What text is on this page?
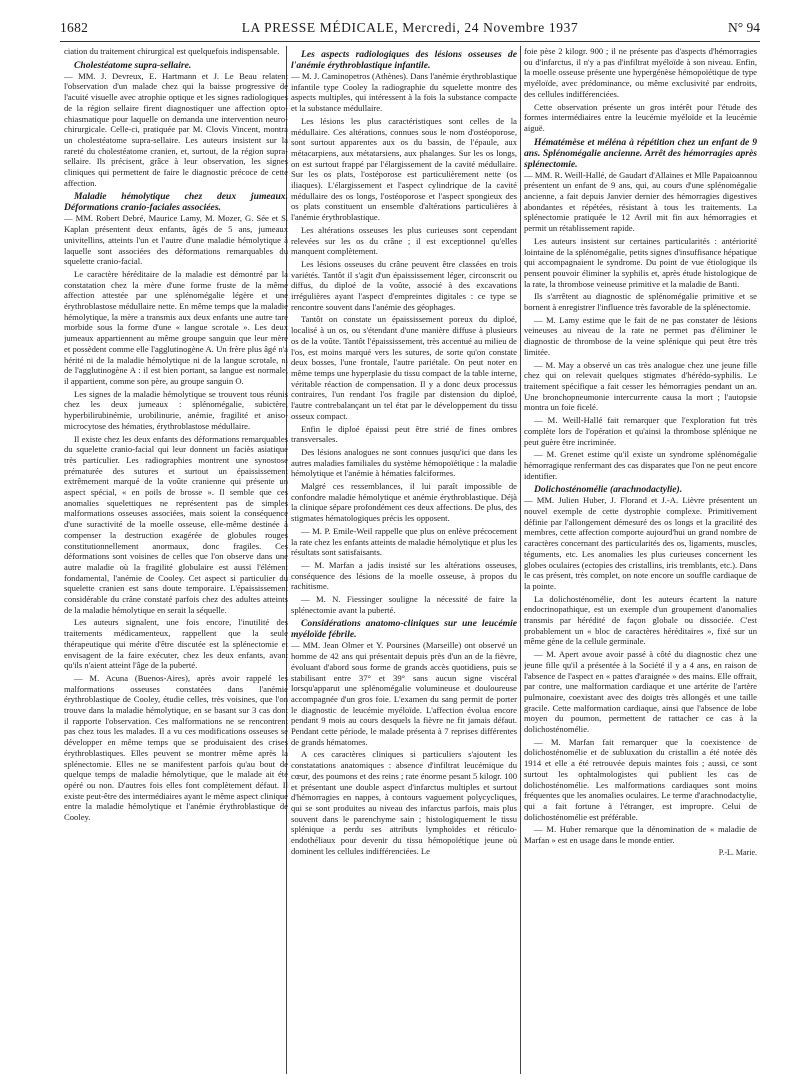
1682	LA PRESSE MÉDICALE, Mercredi, 24 Novembre 1937	N° 94

ciation du traitement chirurgical est quelquefois indispensable.

Cholestéatome supra-sellaire.

— MM. J. Devreux, E. Hartmann et J. Le Beau relatent l'observation d'un malade chez qui la baisse progressive de l'acuité visuelle avec atrophie optique et les signes radiologiques de la région sellaire firent diagnostiquer une affection opto-chiasmatique pour laquelle on demanda une intervention neuro-chirurgicale. Celle-ci, pratiquée par M. Clovis Vincent, montra un cholestéatome supra-sellaire. Les auteurs insistent sur la rareté du cholestéatome cranien, et, surtout, de la région supra-sellaire. Ils précisent, grâce à leur observation, les signes cliniques qui permettent de faire le diagnostic précoce de cette affection.

Maladie hémolytique chez deux jumeaux. Déformations cranio-faciales associées.

— MM. Robert Debré, Maurice Lamy, M. Mozer, G. Sée et S. Kaplan présentent deux enfants, âgés de 5 ans, jumeaux univitellins, atteints l'un et l'autre d'une maladie hémolytique à laquelle sont associées des déformations remarquables du squelette cranio-facial.

Le caractère héréditaire de la maladie est démontré par la constatation chez la mère d'une forme fruste de la même affection attestée par une splénomégalie légère et une érythroblastose médullaire nette. En même temps que la maladie hémolytique, la mère a transmis aux deux enfants une autre tare morbide sous la forme d'une « langue scrotale ». Les deux jumeaux appartiennent au même groupe sanguin que leur mère et possèdent comme elle l'agglutinogène A. Un frère plus âgé n'a hérité ni de la maladie hémolytique ni de la langue scrotale, ni de l'agglutinogène A : il est bien portant, sa langue est normale, il appartient, comme son père, au groupe sanguin O.

Les signes de la maladie hémolytique se trouvent tous réunis chez les deux jumeaux : splénomégalie, subictère, hyperbilirubinémie, urobilinurie, anémie, fragilité et aniso-microcytose des hématies, érythroblastose médullaire.

Il existe chez les deux enfants des déformations remarquables du squelette cranio-facial qui leur donnent un faciès asiatique très particulier. Les radiographies montrent une synostose prématurée des sutures et surtout un épaississement extrêmement marqué de la voûte cranienne qui présente un aspect spécial, « en poils de brosse ». Il semble que ces anomalies squelettiques ne représentent pas de simples malformations osseuses associées, mais soient la conséquence d'une suractivité de la moelle osseuse, elle-même destinée à compenser la destruction exagérée de globules rouges constitutionnellement anormaux, donc fragiles. Ces déformations sont voisines de celles que l'on observe dans une autre maladie où la fragilité globulaire est aussi l'élément fondamental, l'anémie de Cooley. Cet aspect si particulier du squelette cranien est sans doute temporaire. L'épaississement considérable du crâne constaté parfois chez des adultes atteints de la maladie hémolytique en serait la séquelle.

Les auteurs signalent, une fois encore, l'inutilité des traitements médicamenteux, rappellent que la seule thérapeutique qui mérite d'être discutée est la splénectomie et envisagent de la faire exécuter, chez les deux enfants, avant qu'ils n'aient atteint l'âge de la puberté.

— M. Acuna (Buenos-Aires), après avoir rappelé les malformations osseuses constatées dans l'anémie érythroblastique de Cooley, étudie celles, très voisines, que l'on trouve dans la maladie hémolytique, en se basant sur 3 cas dont il rapporte l'observation. Ces malformations ne se rencontrent pas chez tous les malades. Il a vu ces modifications osseuses se développer en même temps que se produisaient des crises érythroblastiques. Elles peuvent se montrer même après la splénectomie. Elles ne se manifestent parfois qu'au bout de quelque temps de maladie hémolytique, que le malade ait été opéré ou non. D'autres fois elles font complètement défaut. Il existe peut-être des intermédiaires ayant le même aspect clinique entre la maladie hémolytique et l'anémie érythroblastique de Cooley.

Les aspects radiologiques des lésions osseuses de l'anémie érythroblastique infantile.

— M. J. Caminopetros (Athènes). Dans l'anémie érythroblastique infantile type Cooley la radiographie du squelette montre des aspects multiples, qui intéressent à la fois la substance compacte et la substance médullaire.

Les lésions les plus caractéristiques sont celles de la médullaire. Ces altérations, connues sous le nom d'ostéoporose, sont surtout apparentes aux os du bassin, de l'épaule, aux métacarpiens, aux métatarsiens, aux phalanges. Sur les os longs, on est surtout frappé par l'élargissement de la cavité médullaire. Sur les os plats, l'ostéporose est particulièrement nette (os iliaques). L'élargissement et l'aspect cylindrique de la cavité médullaire des os longs, l'ostéoporose et l'aspect spongieux des os plats constituent un ensemble d'altérations particulières à l'anémie érythroblastique.

Les altérations osseuses les plus curieuses sont cependant relevées sur les os du crâne ; il est exceptionnel qu'elles manquent complètement.

Les lésions osseuses du crâne peuvent être classées en trois variétés. Tantôt il s'agit d'un épaississement léger, circonscrit ou diffus, du diploé de la voûte, associé à des excavations irrégulières ayant l'aspect d'empreintes digitales : ce type se rencontre souvent dans l'anémie des géophages.

Tantôt on constate un épaississement poreux du diploé, localisé à un os, ou s'étendant d'une manière diffuse à plusieurs os de la voûte. Tantôt l'épaississement, très accentué au milieu de l'os, est moins marqué vers les sutures, de sorte qu'on constate deux bosses, l'une frontale, l'autre pariétale. On peut noter en même temps une hyperplasie du tissu compact de la table interne, véritable réaction de compensation. Il y a donc deux processus contraires, l'un rendant l'os fragile par distension du diploé, l'autre contrebalançant un tel état par le développement du tissu osseux compact.

Enfin le diploé épaissi peut être strié de fines ombres transversales.

Des lésions analogues ne sont connues jusqu'ici que dans les autres maladies familiales du système hémopoïétique : la maladie hémolytique et l'anémie à hématies falciformes.

Malgré ces ressemblances, il lui paraît impossible de confondre maladie hémolytique et anémie érythroblastique. Déjà la clinique sépare profondément ces deux affections. De plus, des stigmates hématologiques précis les opposent.

— M. P. Emile-Weil rappelle que plus on enlève précocement la rate chez les enfants atteints de maladie hémolytique et plus les résultats sont satisfaisants.

— M. Marfan a jadis insisté sur les altérations osseuses, conséquence des lésions de la moelle osseuse, à propos du rachitisme.

— M. N. Fiessinger souligne la nécessité de faire la splénectomie avant la puberté.

Considérations anatomo-cliniques sur une leucémie myéloïde fébrile.

— MM. Jean Olmer et Y. Poursines (Marseille) ont observé un homme de 42 ans qui présentait depuis près d'un an de la fièvre, évoluant d'abord sous forme de grands accès quotidiens, puis se stabilisant entre 37° et 39° sans aucun signe viscéral lorsqu'apparut une splénomégalie volumineuse et douloureuse accompagnée d'un gros foie. L'examen du sang permit de porter le diagnostic de leucémie myéloïde. L'affection évolua encore pendant 9 mois au cours desquels la fièvre ne fit jamais défaut. Pendant cette période, le malade présenta à 7 reprises différentes de grands hématomes.

A ces caractères cliniques si particuliers s'ajoutent les constatations anatomiques : absence d'infiltrat leucémique du cœur, des poumons et des reins ; rate énorme pesant 5 kilogr. 100 et présentant une double aspect d'infarctus multiples et surtout d'hémorragies en nappes, à contours vaguement polycycliques, qui se sont produites au niveau des infarctus parfois, mais plus souvent dans le parenchyme sain ; histologiquement le tissu splénique a perdu ses attributs lymphoïdes et réticulo-endothéliaux pour devenir du tissu hémopoïétique jeune où dominent les cellules indifférenciées. Le

foie pèse 2 kilogr. 900 ; il ne présente pas d'aspects d'hémorragies ou d'infarctus, il n'y a pas d'infiltrat myéloïde à son niveau. Enfin, la moelle osseuse présente une hypergénèse hémopoïétique de type myéloïde, avec prédominance, ou même exclusivité par endroits, des cellules indifférenciées.

Cette observation présente un gros intérêt pour l'étude des formes intermédiaires entre la leucémie myéloïde et la leucémie aiguë.

Hématémèse et méléna à répétition chez un enfant de 9 ans. Splénomégalie ancienne. Arrêt des hémorragies après splénectomie.

— MM. R. Weill-Hallé, de Gaudart d'Allaines et Mlle Papaioannou présentent un enfant de 9 ans, qui, au cours d'une splénomégalie ancienne, a fait depuis Janvier dernier des hémorragies digestives abondantes et répétées, résistant à tous les traitements. La splénectomie pratiquée le 12 Avril mit fin aux hémorragies et permit un rétablissement rapide.

Les auteurs insistent sur certaines particularités : antériorité lointaine de la splénomégalie, petits signes d'insuffisance hépatique qui accompagnaient le syndrome. Du point de vue étiologique ils pensent pouvoir éliminer la syphilis et, après étude histologique de la rate, la thrombose veineuse primitive et la maladie de Banti.

Ils s'arrêtent au diagnostic de splénomégalie primitive et se bornent à enregistrer l'influence très favorable de la splénectomie.

— M. Lamy estime que le fait de ne pas constater de lésions veineuses au niveau de la rate ne permet pas d'éliminer le diagnostic de thrombose de la veine splénique qui peut être très limitée.

— M. May a observé un cas très analogue chez une jeune fille chez qui on relevait quelques stigmates d'hérédo-syphilis. Le traitement spécifique a fait cesser les hémorragies pendant un an. Une bronchopneumonie intercurrente causa la mort ; l'autopsie montra un foie ficelé.

— M. Weill-Hallé fait remarquer que l'exploration fut très complète lors de l'opération et qu'ainsi la thrombose splénique ne peut guère être incriminée.

— M. Grenet estime qu'il existe un syndrome splénomégalie hémorragique renfermant des cas disparates que l'on ne peut encore identifier.

Dolichosténomélie (arachnodactylie).

— MM. Julien Huber, J. Florand et J.-A. Lièvre présentent un nouvel exemple de cette dystrophie complexe. Primitivement définie par l'allongement démesuré des os longs et la gracilité des membres, cette affection comporte aujourd'hui un grand nombre de caractères concernant des particularités des os, ligaments, muscles, téguments, etc. Les anomalies les plus curieuses concernent les globes oculaires (ectopies des cristallins, iris tremblants, etc.). Dans le cas présent, très complet, on note encore un souffle cardiaque de la pointe.

La dolichosténomélie, dont les auteurs écartent la nature endocrinopathique, est un exemple d'un groupement d'anomalies transmis par hérédité de façon globale ou dissociée. C'est probablement un « bloc de caractères héréditaires », fixé sur un même gène de la cellule germinale.

— M. Apert avoue avoir passé à côté du diagnostic chez une jeune fille qu'il a présentée à la Société il y a 4 ans, en raison de l'absence de l'aspect en « pattes d'araignée » des mains. Elle offrait, par contre, une malformation cardiaque et une artérite de l'artère pulmonaire, coexistant avec des doigts très allongés et une taille gracile. Cette malformation cardiaque, ainsi que l'absence de lobe moyen du poumon, permettent de rattacher ce cas à la dolichosténomélie.

— M. Marfan fait remarquer que la coexistence de dolichosténomélie et de subluxation du cristallin a été notée dès 1914 et elle a été retrouvée depuis maintes fois ; aussi, ce sont surtout les ophtalmologistes qui publient les cas de dolichosténomélie. Les malformations cardiaques sont moins fréquentes que les anomalies oculaires. Le terme d'arachnodactylie, qui a fait fortune à l'étranger, est impropre. Celui de dolichosténomélie est préférable.

— M. Huber remarque que la dénomination de « maladie de Marfan » est en usage dans le monde entier.

P.-L. Marie.
